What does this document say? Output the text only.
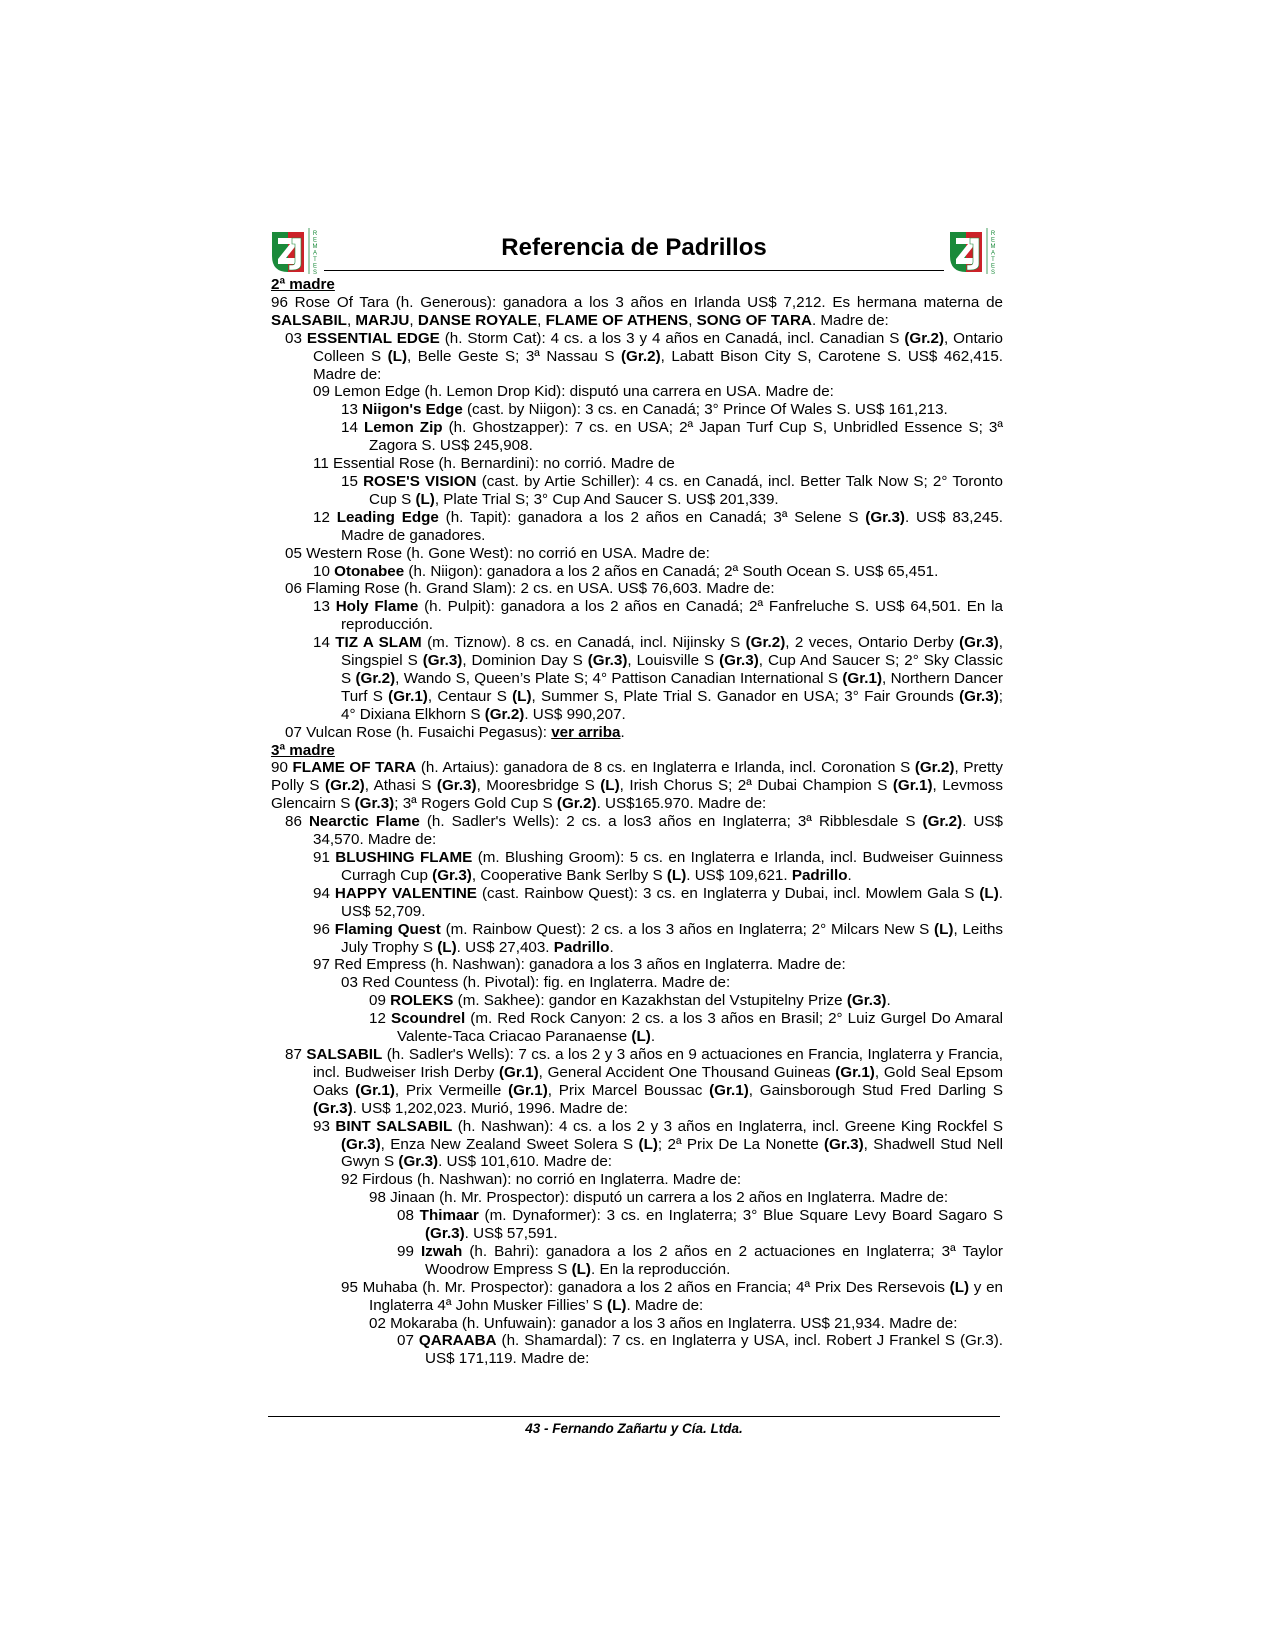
R
E
M
A
T
E
S
Referencia de Padrillos	R
E
M
A
T
E
S
2ª madre

96 Rose Of Tara (h. Generous): ganadora a los 3 años en Irlanda US$ 7,212. Es hermana materna de SALSABIL, MARJU, DANSE ROYALE, FLAME OF ATHENS, SONG OF TARA. Madre de:

03 ESSENTIAL EDGE (h. Storm Cat): 4 cs. a los 3 y 4 años en Canadá, incl. Canadian S (Gr.2), Ontario Colleen S (L), Belle Geste S; 3ª Nassau S (Gr.2), Labatt Bison City S, Carotene S. US$ 462,415. Madre de:

09 Lemon Edge (h. Lemon Drop Kid): disputó una carrera en USA. Madre de:

13 Niigon's Edge (cast. by Niigon): 3 cs. en Canadá; 3° Prince Of Wales S. US$ 161,213.

14 Lemon Zip (h. Ghostzapper): 7 cs. en USA; 2ª Japan Turf Cup S, Unbridled Essence S; 3ª Zagora S. US$ 245,908.

11 Essential Rose (h. Bernardini): no corrió. Madre de

15 ROSE'S VISION (cast. by Artie Schiller): 4 cs. en Canadá, incl. Better Talk Now S; 2° Toronto Cup S (L), Plate Trial S; 3° Cup And Saucer S. US$ 201,339.

12 Leading Edge (h. Tapit): ganadora a los 2 años en Canadá; 3ª Selene S (Gr.3). US$ 83,245. Madre de ganadores.

05 Western Rose (h. Gone West): no corrió en USA. Madre de:

10 Otonabee (h. Niigon): ganadora a los 2 años en Canadá; 2ª South Ocean S. US$ 65,451.

06 Flaming Rose (h. Grand Slam): 2 cs. en USA. US$ 76,603. Madre de:

13 Holy Flame (h. Pulpit): ganadora a los 2 años en Canadá; 2ª Fanfreluche S. US$ 64,501. En la reproducción.

14 TIZ A SLAM (m. Tiznow). 8 cs. en Canadá, incl. Nijinsky S (Gr.2), 2 veces, Ontario Derby (Gr.3), Singspiel S (Gr.3), Dominion Day S (Gr.3), Louisville S (Gr.3), Cup And Saucer S; 2° Sky Classic S (Gr.2), Wando S, Queen’s Plate S; 4° Pattison Canadian International S (Gr.1), Northern Dancer Turf S (Gr.1), Centaur S (L), Summer S, Plate Trial S. Ganador en USA; 3° Fair Grounds (Gr.3); 4° Dixiana Elkhorn S (Gr.2). US$ 990,207.

07 Vulcan Rose (h. Fusaichi Pegasus): ver arriba.

3ª madre

90 FLAME OF TARA (h. Artaius): ganadora de 8 cs. en Inglaterra e Irlanda, incl. Coronation S (Gr.2), Pretty Polly S (Gr.2), Athasi S (Gr.3), Mooresbridge S (L), Irish Chorus S; 2ª Dubai Champion S (Gr.1), Levmoss Glencairn S (Gr.3); 3ª Rogers Gold Cup S (Gr.2). US$165.970. Madre de:

86 Nearctic Flame (h. Sadler's Wells): 2 cs. a los3 años en Inglaterra; 3ª Ribblesdale S (Gr.2). US$ 34,570. Madre de:

91 BLUSHING FLAME (m. Blushing Groom): 5 cs. en Inglaterra e Irlanda, incl. Budweiser Guinness Curragh Cup (Gr.3), Cooperative Bank Serlby S (L). US$ 109,621. Padrillo.

94 HAPPY VALENTINE (cast. Rainbow Quest): 3 cs. en Inglaterra y Dubai, incl. Mowlem Gala S (L). US$ 52,709.

96 Flaming Quest (m. Rainbow Quest): 2 cs. a los 3 años en Inglaterra; 2° Milcars New S (L), Leiths July Trophy S (L). US$ 27,403. Padrillo.

97 Red Empress (h. Nashwan): ganadora a los 3 años en Inglaterra. Madre de:

03 Red Countess (h. Pivotal): fig. en Inglaterra. Madre de:

09 ROLEKS (m. Sakhee): gandor en Kazakhstan del Vstupitelny Prize (Gr.3).

12 Scoundrel (m. Red Rock Canyon: 2 cs. a los 3 años en Brasil; 2° Luiz Gurgel Do Amaral Valente-Taca Criacao Paranaense (L).

87 SALSABIL (h. Sadler's Wells): 7 cs. a los 2 y 3 años en 9 actuaciones en Francia, Inglaterra y Francia, incl. Budweiser Irish Derby (Gr.1), General Accident One Thousand Guineas (Gr.1), Gold Seal Epsom Oaks (Gr.1), Prix Vermeille (Gr.1), Prix Marcel Boussac (Gr.1), Gainsborough Stud Fred Darling S (Gr.3). US$ 1,202,023. Murió, 1996. Madre de:

93 BINT SALSABIL (h. Nashwan): 4 cs. a los 2 y 3 años en Inglaterra, incl. Greene King Rockfel S (Gr.3), Enza New Zealand Sweet Solera S (L); 2ª Prix De La Nonette (Gr.3), Shadwell Stud Nell Gwyn S (Gr.3). US$ 101,610. Madre de:

92 Firdous (h. Nashwan): no corrió en Inglaterra. Madre de:

98 Jinaan (h. Mr. Prospector): disputó un carrera a los 2 años en Inglaterra. Madre de:

08 Thimaar (m. Dynaformer): 3 cs. en Inglaterra; 3° Blue Square Levy Board Sagaro S (Gr.3). US$ 57,591.

99 Izwah (h. Bahri): ganadora a los 2 años en 2 actuaciones en Inglaterra; 3ª Taylor Woodrow Empress S (L). En la reproducción.

95 Muhaba (h. Mr. Prospector): ganadora a los 2 años en Francia; 4ª Prix Des Rersevois (L) y en Inglaterra 4ª John Musker Fillies’ S (L). Madre de:

02 Mokaraba (h. Unfuwain): ganador a los 3 años en Inglaterra. US$ 21,934. Madre de:

07 QARAABA (h. Shamardal): 7 cs. en Inglaterra y USA, incl. Robert J Frankel S (Gr.3). US$ 171,119. Madre de:

43 - Fernando Zañartu y Cía. Ltda.
